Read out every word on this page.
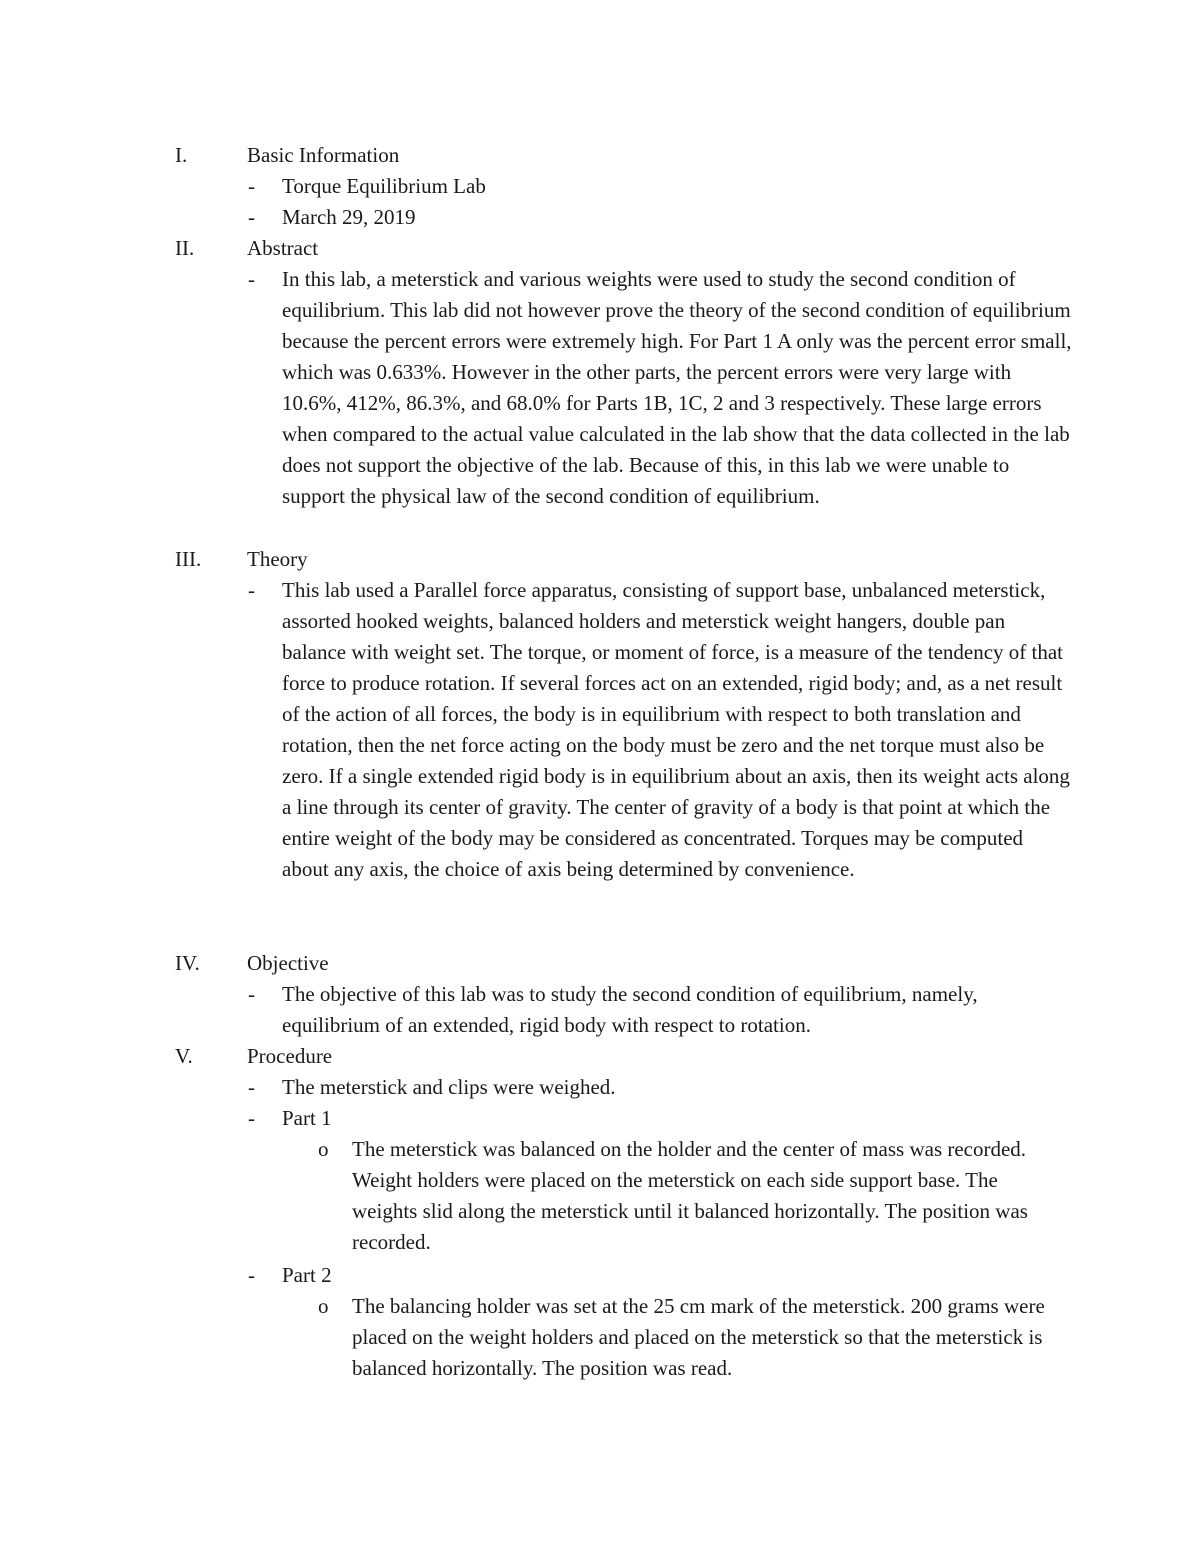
I.	Basic Information
- Torque Equilibrium Lab
- March 29, 2019
II.	Abstract
- In this lab, a meterstick and various weights were used to study the second condition of equilibrium. This lab did not however prove the theory of the second condition of equilibrium because the percent errors were extremely high. For Part 1 A only was the percent error small, which was 0.633%. However in the other parts, the percent errors were very large with 10.6%, 412%, 86.3%, and 68.0% for Parts 1B, 1C, 2 and 3 respectively. These large errors when compared to the actual value calculated in the lab show that the data collected in the lab does not support the objective of the lab. Because of this, in this lab we were unable to support the physical law of the second condition of equilibrium.
III. Theory
- This lab used a Parallel force apparatus, consisting of support base, unbalanced meterstick, assorted hooked weights, balanced holders and meterstick weight hangers, double pan balance with weight set. The torque, or moment of force, is a measure of the tendency of that force to produce rotation. If several forces act on an extended, rigid body; and, as a net result of the action of all forces, the body is in equilibrium with respect to both translation and rotation, then the net force acting on the body must be zero and the net torque must also be zero. If a single extended rigid body is in equilibrium about an axis, then its weight acts along a line through its center of gravity. The center of gravity of a body is that point at which the entire weight of the body may be considered as concentrated. Torques may be computed about any axis, the choice of axis being determined by convenience.
IV. Objective
- The objective of this lab was to study the second condition of equilibrium, namely, equilibrium of an extended, rigid body with respect to rotation.
V.	Procedure
- The meterstick and clips were weighed.
- Part 1
o The meterstick was balanced on the holder and the center of mass was recorded. Weight holders were placed on the meterstick on each side support base. The weights slid along the meterstick until it balanced horizontally. The position was recorded.
- Part 2
o The balancing holder was set at the 25 cm mark of the meterstick. 200 grams were placed on the weight holders and placed on the meterstick so that the meterstick is balanced horizontally. The position was read.
